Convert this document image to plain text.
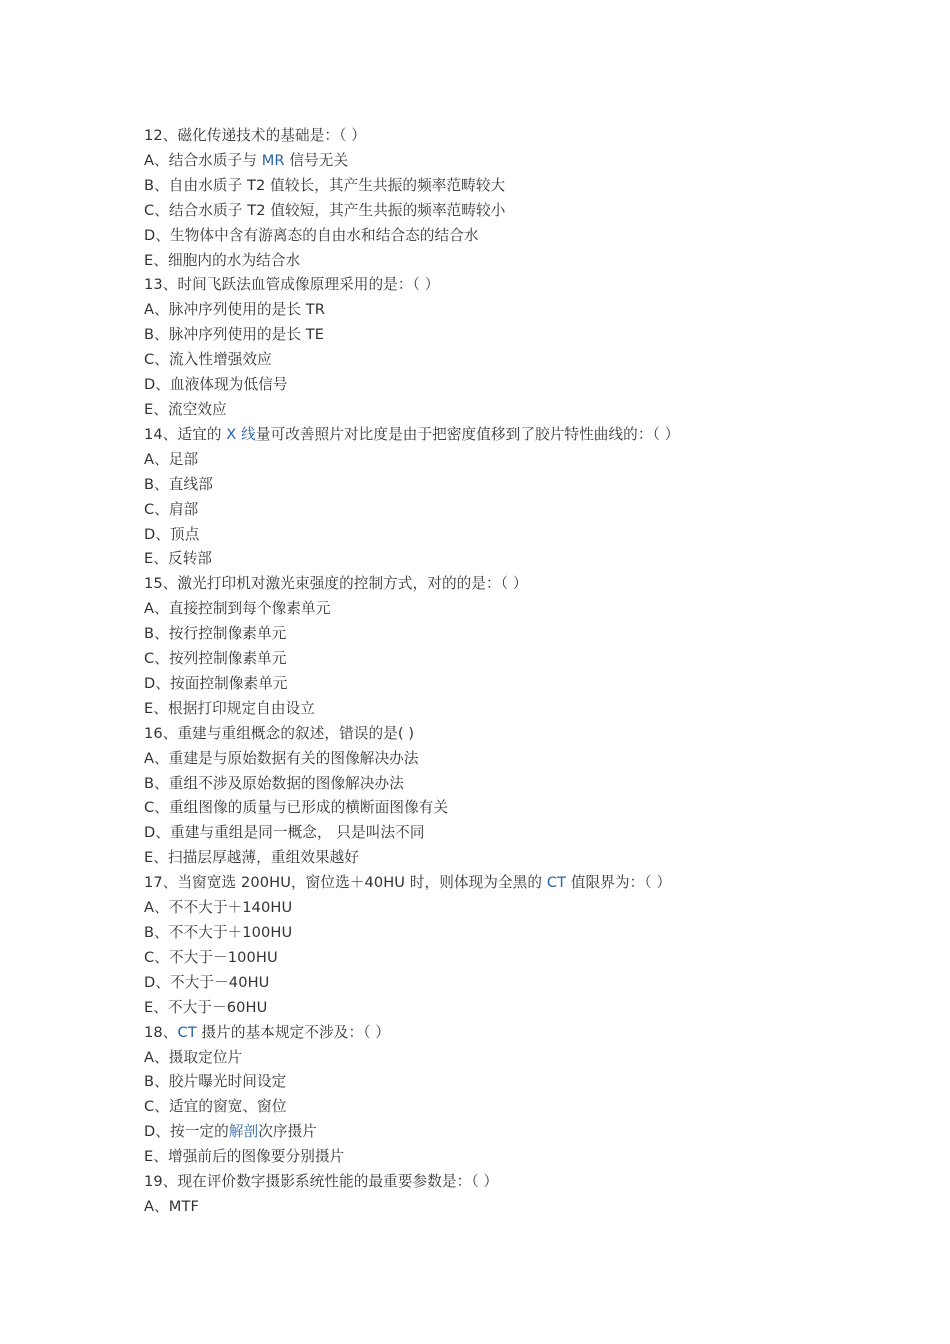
12、磁化传递技术的基础是：（ ）
A、结合水质子与 MR 信号无关
B、自由水质子 T2 值较长，其产生共振的频率范畴较大
C、结合水质子 T2 值较短，其产生共振的频率范畴较小
D、生物体中含有游离态的自由水和结合态的结合水
E、细胞内的水为结合水
13、时间飞跃法血管成像原理采用的是：（ ）
A、脉冲序列使用的是长 TR
B、脉冲序列使用的是长 TE
C、流入性增强效应
D、血液体现为低信号
E、流空效应
14、适宜的 X 线量可改善照片对比度是由于把密度值移到了胶片特性曲线的：（ ）
A、足部
B、直线部
C、肩部
D、顶点
E、反转部
15、激光打印机对激光束强度的控制方式，对的的是：（ ）
A、直接控制到每个像素单元
B、按行控制像素单元
C、按列控制像素单元
D、按面控制像素单元
E、根据打印规定自由设立
16、重建与重组概念的叙述，错误的是( )
A、重建是与原始数据有关的图像解决办法
B、重组不涉及原始数据的图像解决办法
C、重组图像的质量与已形成的横断面图像有关
D、重建与重组是同一概念， 只是叫法不同
E、扫描层厚越薄，重组效果越好
17、当窗宽选 200HU，窗位选＋40HU 时，则体现为全黑的 CT 值限界为：（ ）
A、不不大于＋140HU
B、不不大于＋100HU
C、不大于－100HU
D、不大于－40HU
E、不大于－60HU
18、CT 摄片的基本规定不涉及：（ ）
A、摄取定位片
B、胶片曝光时间设定
C、适宜的窗宽、窗位
D、按一定的解剖次序摄片
E、增强前后的图像要分别摄片
19、现在评价数字摄影系统性能的最重要参数是：（ ）
A、MTF
